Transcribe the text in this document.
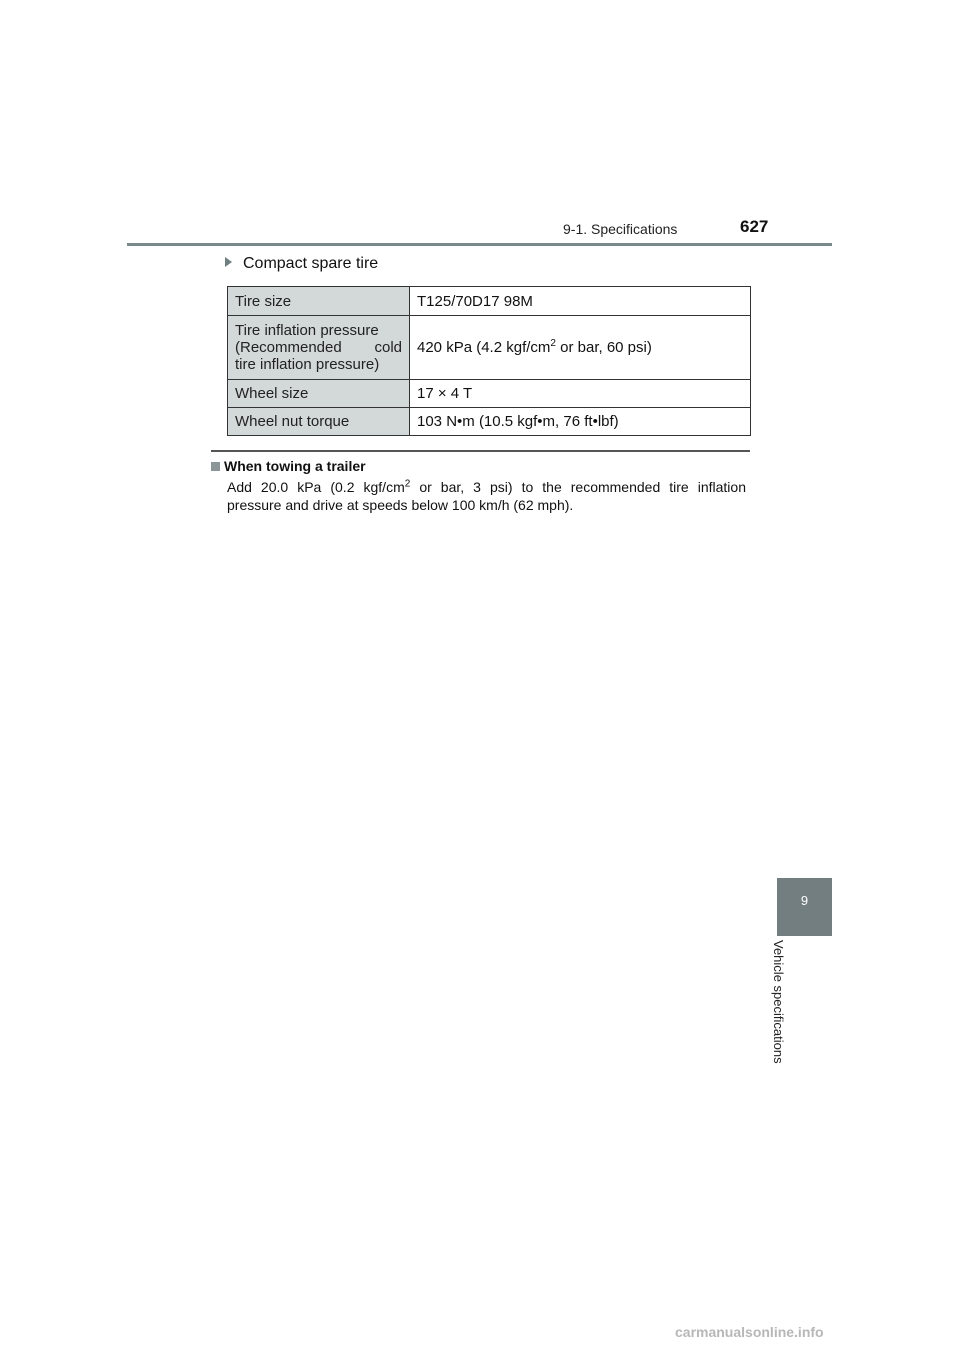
9-1. Specifications	627
Compact spare tire
Tire size	T125/70D17 98M

Tire inflation pressure
(Recommended cold
tire inflation pressure)	420 kPa (4.2 kgf/$cm^2$ or bar, 60 psi)
Wheel size	17 × 4 T
Wheel nut torque	103 N•m (10.5 kgf•m, 76 ft•lbf)
When towing a trailer
Add 20.0 kPa (0.2 kgf/$cm^2$ or bar, 3 psi) to the recommended tire inflation
pressure and drive at speeds below 100 km/h (62 mph).
9
Vehicle specifications
carmanualsonline.info
